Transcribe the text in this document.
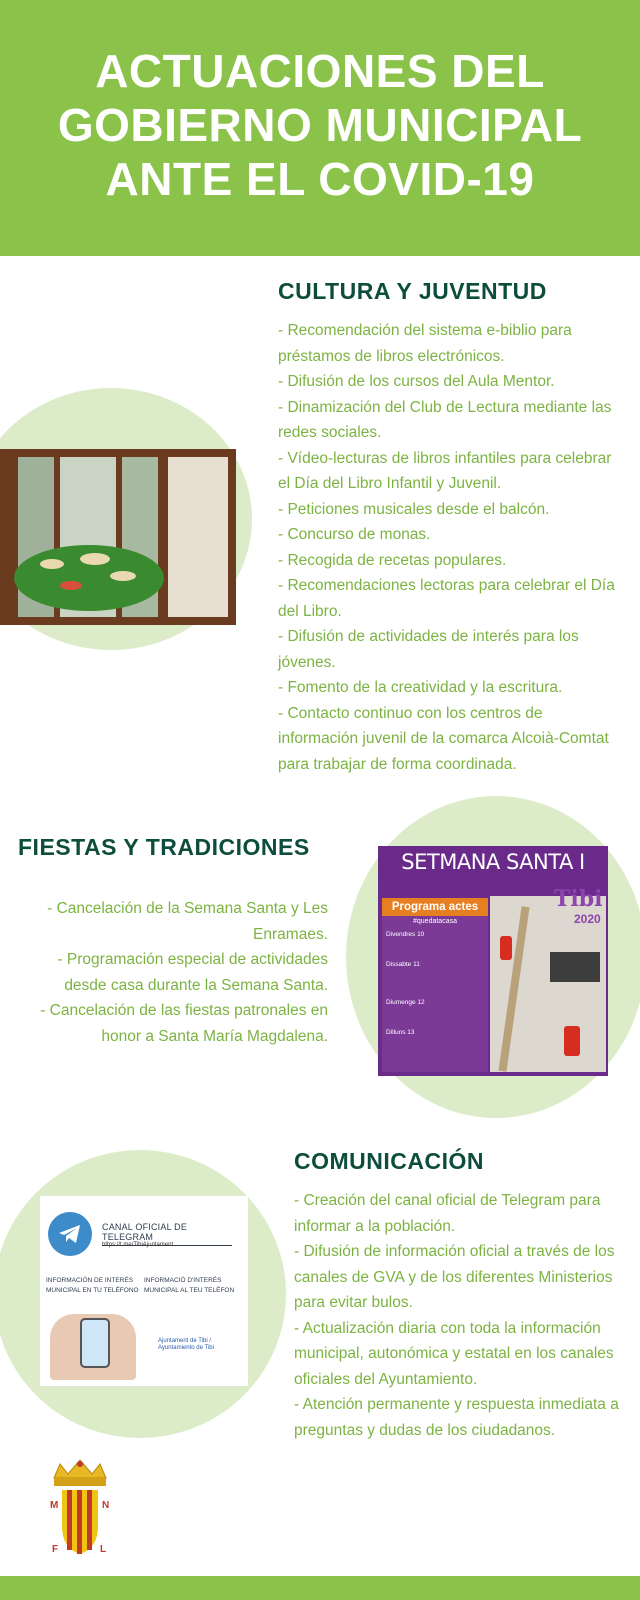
ACTUACIONES DEL
GOBIERNO MUNICIPAL
ANTE EL COVID-19
CULTURA Y JUVENTUD

- Recomendación del sistema e-biblio para préstamos de libros electrónicos.

- Difusión de los cursos del Aula Mentor.

- Dinamización del Club de Lectura mediante las redes sociales.

- Vídeo-lecturas de libros infantiles para celebrar el Día del Libro Infantil y Juvenil.

- Peticiones musicales desde el balcón.

- Concurso de monas.

- Recogida de recetas populares.

- Recomendaciones lectoras para celebrar el Día del Libro.

- Difusión de actividades de interés para los jóvenes.

- Fomento de la creatividad y la escritura.

- Contacto continuo con los centros de información juvenil de la comarca Alcoià-Comtat para trabajar de forma coordinada.

FIESTAS Y TRADICIONES

- Cancelación de la Semana Santa y Les Enramaes.

- Programación especial de actividades desde casa durante la Semana Santa.

- Cancelación de las fiestas patronales en honor a Santa María Magdalena.

SETMANA SANTA I
Tibi
2020
Programa actes
#quedatacasa
Divendres 10
Dissabte 11
Diumenge 12
Dilluns 13
CANAL OFICIAL DE TELEGRAM
https://t.me/TibiAjuntament
INFORMACIÓN DE INTERÉS MUNICIPAL EN TU TELÉFONO
INFORMACIÓ D'INTERÉS MUNICIPAL AL TEU TELÈFON
Ajuntament de Tibi / Ayuntamiento de Tibi
COMUNICACIÓN

- Creación del canal oficial de Telegram para informar a la población.

- Difusión de información oficial a través de los canales de GVA y de los diferentes Ministerios para evitar bulos.

- Actualización diaria con toda la información municipal, autonómica y estatal en los canales oficiales del Ayuntamiento.

- Atención permanente y respuesta inmediata a preguntas y dudas de los ciudadanos.

M	N
F	L
